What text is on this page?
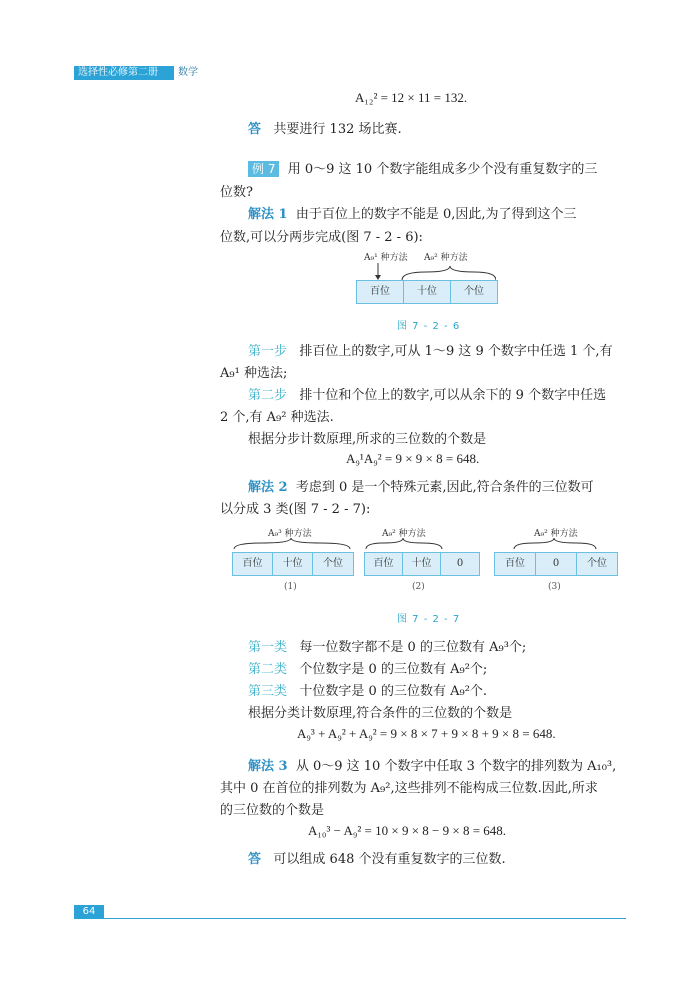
选择性必修第二册 数学
A₁₂² = 12 × 11 = 132.
答 共要进行 132 场比赛.
例 7 用 0～9 这 10 个数字能组成多少个没有重复数字的三
位数?
解法 1 由于百位上的数字不能是 0,因此,为了得到这个三
位数,可以分两步完成(图 7 - 2 - 6):
A₉¹ 种方法 A₉² 种方法
百位	十位	个位
图 7 - 2 - 6
第一步 排百位上的数字,可从 1～9 这 9 个数字中任选 1 个,有
A₉¹ 种选法;
第二步 排十位和个位上的数字,可以从余下的 9 个数字中任选
2 个,有 A₉² 种选法.
根据分步计数原理,所求的三位数的个数是
A₉¹A₉² = 9 × 9 × 8 = 648.
解法 2 考虑到 0 是一个特殊元素,因此,符合条件的三位数可
以分成 3 类(图 7 - 2 - 7):
A₉³ 种方法
百位	十位	个位
(1)
A₉² 种方法
百位	十位	0
(2)
A₉² 种方法
百位	0	个位
(3)
图 7 - 2 - 7
第一类 每一位数字都不是 0 的三位数有 A₉³个;
第二类 个位数字是 0 的三位数有 A₉²个;
第三类 十位数字是 0 的三位数有 A₉²个.
根据分类计数原理,符合条件的三位数的个数是
A₉³ + A₉² + A₉² = 9 × 8 × 7 + 9 × 8 + 9 × 8 = 648.
解法 3 从 0～9 这 10 个数字中任取 3 个数字的排列数为 A₁₀³,
其中 0 在首位的排列数为 A₉²,这些排列不能构成三位数.因此,所求
的三位数的个数是
A₁₀³ − A₉² = 10 × 9 × 8 − 9 × 8 = 648.
答 可以组成 648 个没有重复数字的三位数.
64
